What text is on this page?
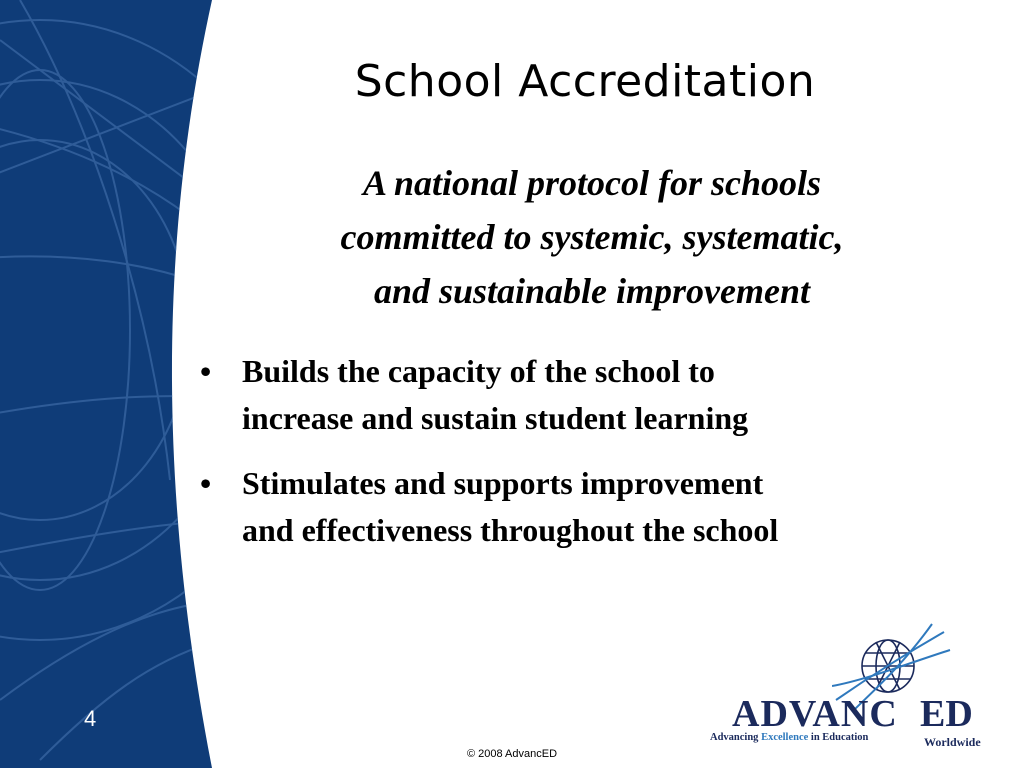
4
School Accreditation
A national protocol for schools
committed to systemic, systematic,
and sustainable improvement
• Builds the capacity of the school to
increase and sustain student learning
• Stimulates and supports improvement
and effectiveness throughout the school
ADVANC ED
Advancing Excellence in Education	Worldwide
© 2008 AdvancED
